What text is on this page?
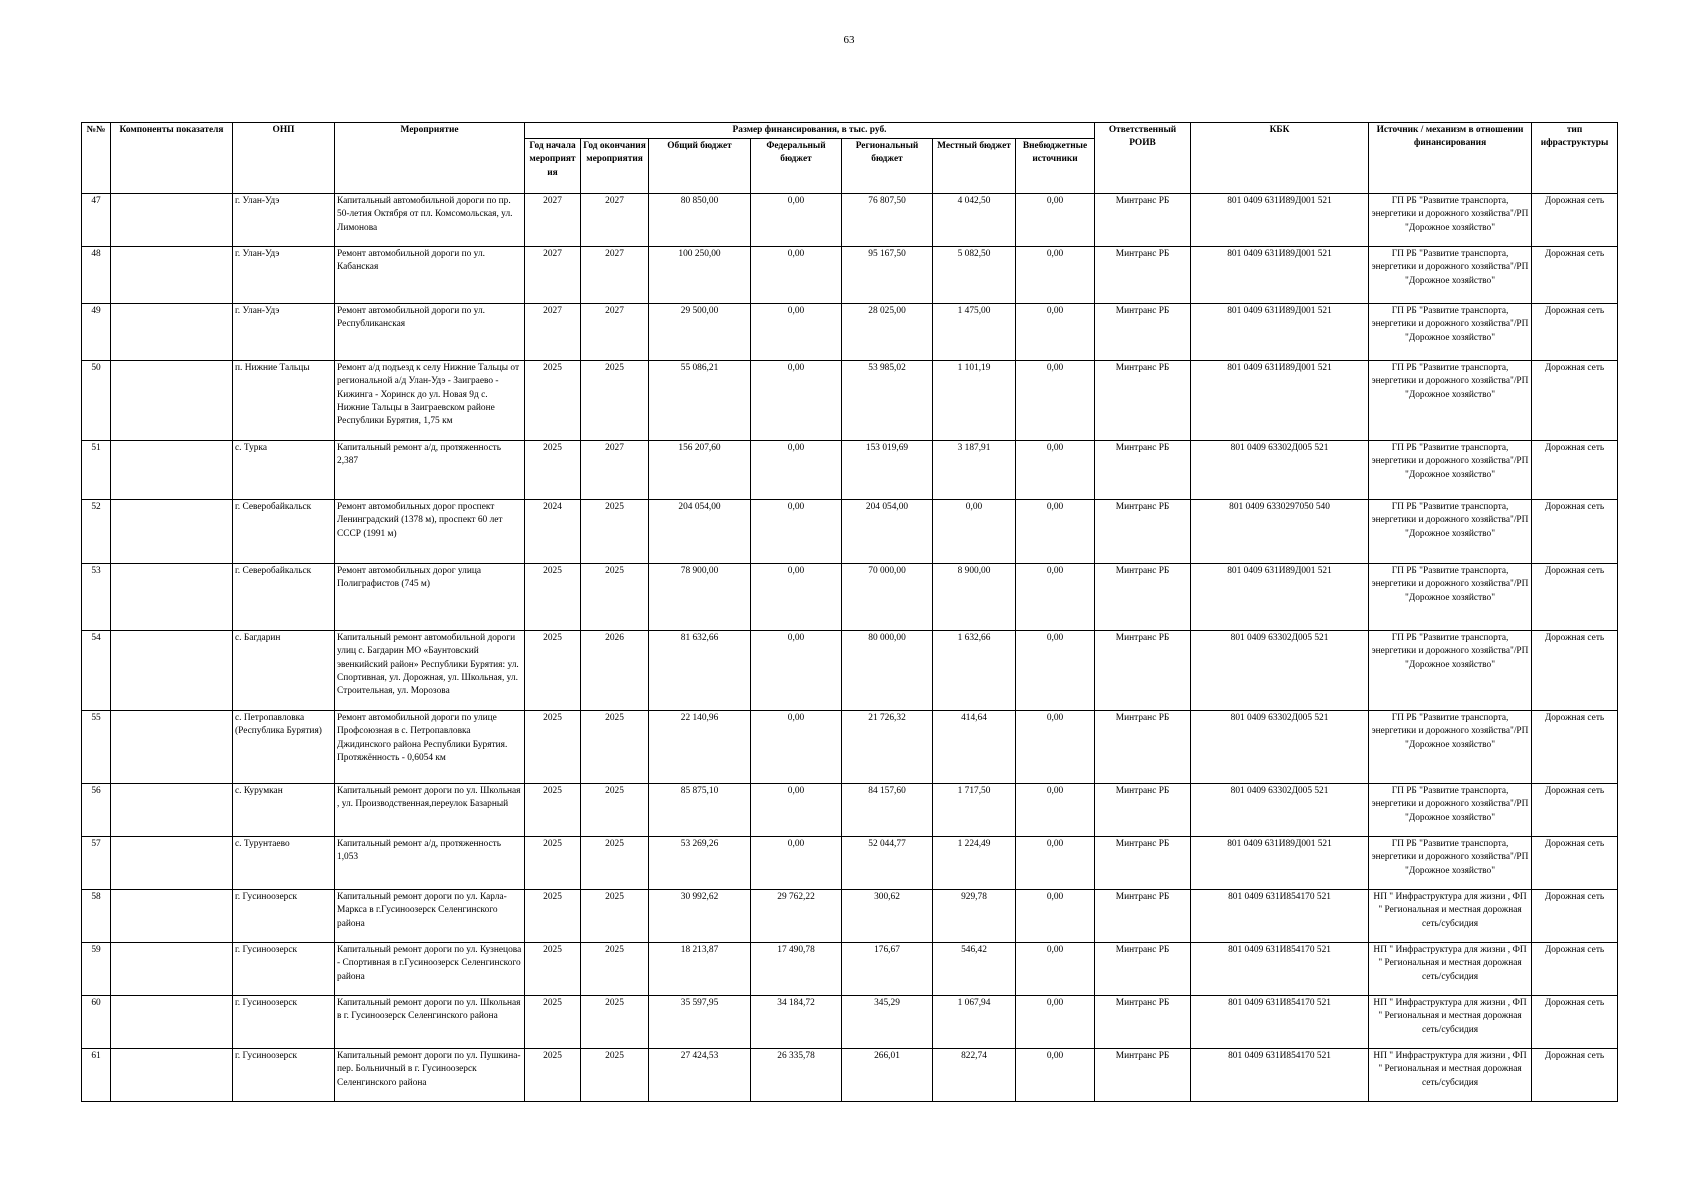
63
№№	Компоненты показателя	ОНП	Мероприятие	Размер финансирования, в тыс. руб.							Ответственный РОИВ	КБК	Источник / механизм в отношении финансирования	тип ифраструктуры
				Год начала мероприятия	Год окончания мероприятия	Общий бюджет	Федеральный бюджет	Региональный бюджет	Местный бюджет	Внебюджетные источники				
47		г. Улан-Удэ	Капитальный автомобильной дороги по пр. 50-летия Октября от пл. Комсомольская, ул. Лимонова	2027	2027	80 850,00	0,00	76 807,50	4 042,50	0,00	Минтранс РБ	801 0409 631И89Д001 521	ГП РБ "Развитие транспорта, энергетики и дорожного хозяйства"/РП "Дорожное хозяйство"	Дорожная сеть
48		г. Улан-Удэ	Ремонт автомобильной дороги по ул. Кабанская	2027	2027	100 250,00	0,00	95 167,50	5 082,50	0,00	Минтранс РБ	801 0409 631И89Д001 521	ГП РБ "Развитие транспорта, энергетики и дорожного хозяйства"/РП "Дорожное хозяйство"	Дорожная сеть
49		г. Улан-Удэ	Ремонт автомобильной дороги по ул. Республиканская	2027	2027	29 500,00	0,00	28 025,00	1 475,00	0,00	Минтранс РБ	801 0409 631И89Д001 521	ГП РБ "Развитие транспорта, энергетики и дорожного хозяйства"/РП "Дорожное хозяйство"	Дорожная сеть
50		п. Нижние Тальцы	Ремонт а/д подъезд к селу Нижние Тальцы от региональной а/д Улан-Удэ - Заиграево - Кижинга - Хоринск до ул. Новая 9д с. Нижние Тальцы в Заиграевском районе Республики Бурятия, 1,75 км	2025	2025	55 086,21	0,00	53 985,02	1 101,19	0,00	Минтранс РБ	801 0409 631И89Д001 521	ГП РБ "Развитие транспорта, энергетики и дорожного хозяйства"/РП "Дорожное хозяйство"	Дорожная сеть
51		с. Турка	Капитальный ремонт а/д, протяженность 2,387	2025	2027	156 207,60	0,00	153 019,69	3 187,91	0,00	Минтранс РБ	801 0409 63302Д005 521	ГП РБ "Развитие транспорта, энергетики и дорожного хозяйства"/РП "Дорожное хозяйство"	Дорожная сеть
52		г. Северобайкальск	Ремонт автомобильных дорог проспект Ленинградский (1378 м), проспект 60 лет СССР (1991 м)	2024	2025	204 054,00	0,00	204 054,00	0,00	0,00	Минтранс РБ	801 0409 6330297050 540	ГП РБ "Развитие транспорта, энергетики и дорожного хозяйства"/РП "Дорожное хозяйство"	Дорожная сеть
53		г. Северобайкальск	Ремонт автомобильных дорог улица Полиграфистов (745 м)	2025	2025	78 900,00	0,00	70 000,00	8 900,00	0,00	Минтранс РБ	801 0409 631И89Д001 521	ГП РБ "Развитие транспорта, энергетики и дорожного хозяйства"/РП "Дорожное хозяйство"	Дорожная сеть
54		с. Багдарин	Капитальный ремонт автомобильной дороги улиц с. Багдарин МО «Баунтовский эвенкийский район» Республики Бурятия: ул. Спортивная, ул. Дорожная, ул. Школьная, ул. Строительная, ул. Морозова	2025	2026	81 632,66	0,00	80 000,00	1 632,66	0,00	Минтранс РБ	801 0409 63302Д005 521	ГП РБ "Развитие транспорта, энергетики и дорожного хозяйства"/РП "Дорожное хозяйство"	Дорожная сеть
55		с. Петропавловка (Республика Бурятия)	Ремонт автомобильной дороги по улице Профсоюзная в с. Петропавловка Джидинского района Республики Бурятия. Протяжённость - 0,6054 км	2025	2025	22 140,96	0,00	21 726,32	414,64	0,00	Минтранс РБ	801 0409 63302Д005 521	ГП РБ "Развитие транспорта, энергетики и дорожного хозяйства"/РП "Дорожное хозяйство"	Дорожная сеть
56		с. Курумкан	Капитальный ремонт дороги по ул. Школьная , ул. Производственная,переулок Базарный	2025	2025	85 875,10	0,00	84 157,60	1 717,50	0,00	Минтранс РБ	801 0409 63302Д005 521	ГП РБ "Развитие транспорта, энергетики и дорожного хозяйства"/РП "Дорожное хозяйство"	Дорожная сеть
57		с. Турунтаево	Капитальный ремонт а/д, протяженность 1,053	2025	2025	53 269,26	0,00	52 044,77	1 224,49	0,00	Минтранс РБ	801 0409 631И89Д001 521	ГП РБ "Развитие транспорта, энергетики и дорожного хозяйства"/РП "Дорожное хозяйство"	Дорожная сеть
58		г. Гусиноозерск	Капитальный ремонт дороги по ул. Карла-Маркса в г.Гусиноозерск Селенгинского района	2025	2025	30 992,62	29 762,22	300,62	929,78	0,00	Минтранс РБ	801 0409 631И854170 521	НП " Инфраструктура для жизни , ФП " Региональная и местная дорожная сеть/субсидия	Дорожная сеть
59		г. Гусиноозерск	Капитальный ремонт дороги по ул. Кузнецова - Спортивная в г.Гусиноозерск Селенгинского района	2025	2025	18 213,87	17 490,78	176,67	546,42	0,00	Минтранс РБ	801 0409 631И854170 521	НП " Инфраструктура для жизни , ФП " Региональная и местная дорожная сеть/субсидия	Дорожная сеть
60		г. Гусиноозерск	Капитальный ремонт дороги по ул. Школьная в г. Гусиноозерск Селенгинского района	2025	2025	35 597,95	34 184,72	345,29	1 067,94	0,00	Минтранс РБ	801 0409 631И854170 521	НП " Инфраструктура для жизни , ФП " Региональная и местная дорожная сеть/субсидия	Дорожная сеть
61		г. Гусиноозерск	Капитальный ремонт дороги по ул. Пушкина- пер. Больничный в г. Гусиноозерск Селенгинского района	2025	2025	27 424,53	26 335,78	266,01	822,74	0,00	Минтранс РБ	801 0409 631И854170 521	НП " Инфраструктура для жизни , ФП " Региональная и местная дорожная сеть/субсидия	Дорожная сеть
